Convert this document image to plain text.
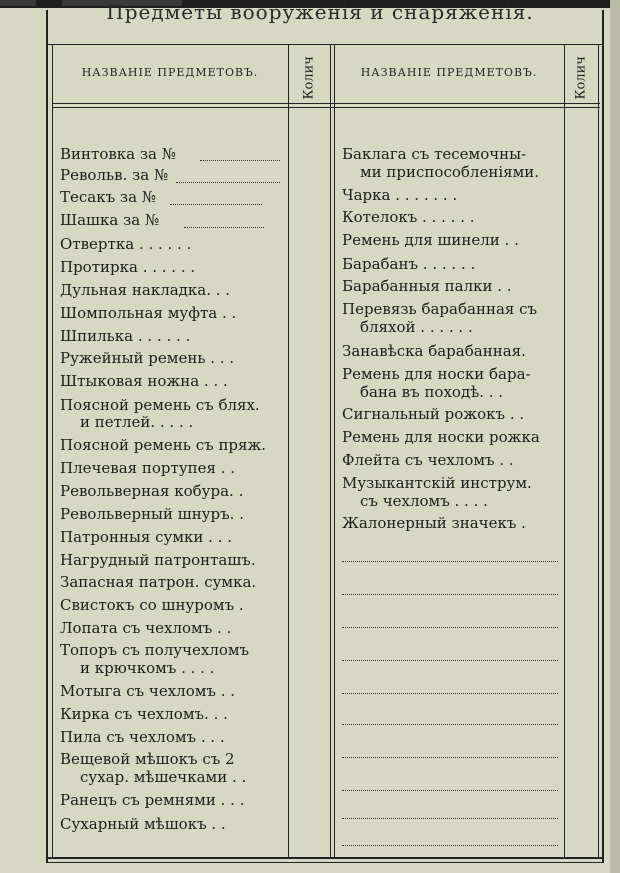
Предметы вооруженія и снаряженія.
НАЗВАНІЕ ПРЕДМЕТОВЪ.	НАЗВАНІЕ ПРЕДМЕТОВЪ.
Колич	Колич
Винтовка за №
Револьв. за №
Тесакъ за №
Шашка за №
Отвертка . . . . . .
Протирка . . . . . .
Дульная накладка. . .
Шомпольная муфта . .
Шпилька . . . . . .
Ружейный ремень . . .
Штыковая ножна . . .
Поясной ремень съ блях.
и петлей. . . . .
Поясной ремень съ пряж.
Плечевая портупея . .
Револьверная кобура. .
Револьверный шнуръ. .
Патронныя сумки . . .
Нагрудный патронташъ.
Запасная патрон. сумка.
Свистокъ со шнуромъ .
Лопата съ чехломъ . .
Топоръ съ получехломъ
и крючкомъ . . . .
Мотыга съ чехломъ . .
Кирка съ чехломъ. . .
Пила съ чехломъ . . .
Вещевой мѣшокъ съ 2
сухар. мѣшечками . .
Ранецъ съ ремнями . . .
Сухарный мѣшокъ . .
Баклага съ тесемочны-
ми приспособленіями.
Чарка . . . . . . .
Котелокъ . . . . . .
Ремень для шинели . .
Барабанъ . . . . . .
Барабанныя палки . .
Перевязь барабанная съ
бляхой . . . . . .
Занавѣска барабанная.
Ремень для носки бара-
бана въ походѣ. . .
Сигнальный рожокъ . .
Ремень для носки рожка
Флейта съ чехломъ . .
Музыкантскій инструм.
съ чехломъ . . . .
Жалонерный значекъ .
